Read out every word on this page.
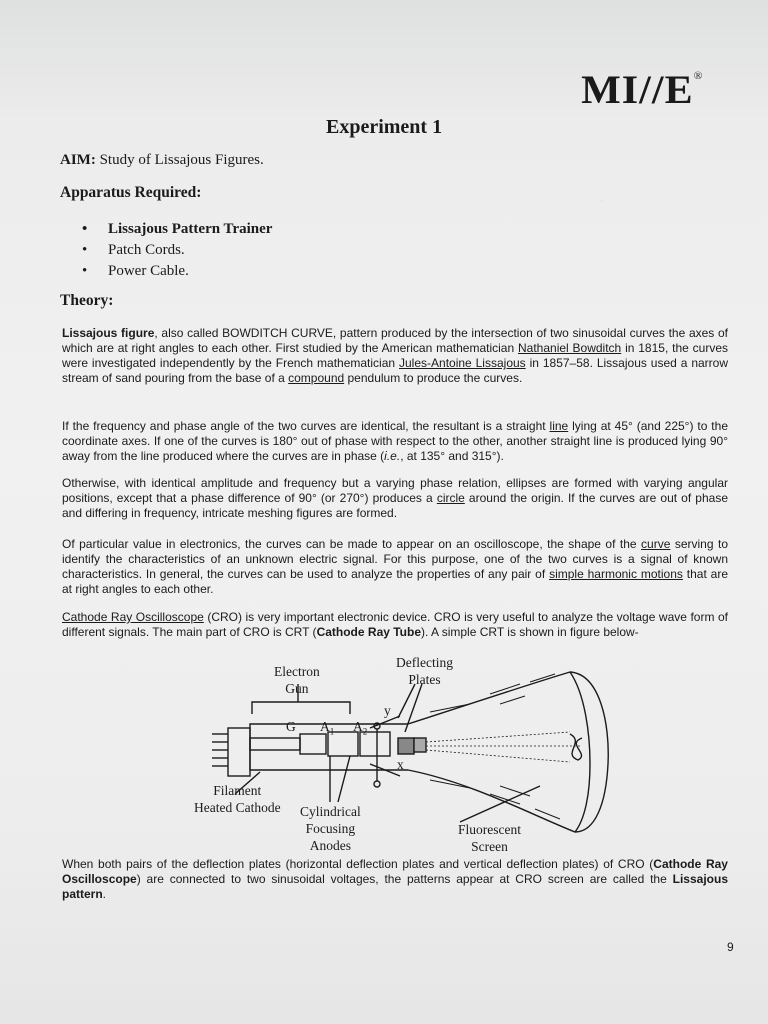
ˇ
MI//E®
Experiment 1
AIM: Study of Lissajous Figures.
Apparatus Required:
• Lissajous Pattern Trainer
• Patch Cords.
• Power Cable.
Theory:

Lissajous figure, also called BOWDITCH CURVE, pattern produced by the intersection of two sinusoidal curves the axes of which are at right angles to each other. First studied by the American mathematician Nathaniel Bowditch in 1815, the curves were investigated independently by the French mathematician Jules-Antoine Lissajous in 1857–58. Lissajous used a narrow stream of sand pouring from the base of a compound pendulum to produce the curves.

If the frequency and phase angle of the two curves are identical, the resultant is a straight line lying at 45° (and 225°) to the coordinate axes. If one of the curves is 180° out of phase with respect to the other, another straight line is produced lying 90° away from the line produced where the curves are in phase (i.e., at 135° and 315°).

Otherwise, with identical amplitude and frequency but a varying phase relation, ellipses are formed with varying angular positions, except that a phase difference of 90° (or 270°) produces a circle around the origin. If the curves are out of phase and differing in frequency, intricate meshing figures are formed.

Of particular value in electronics, the curves can be made to appear on an oscilloscope, the shape of the curve serving to identify the characteristics of an unknown electric signal. For this purpose, one of the two curves is a signal of known characteristics. In general, the curves can be used to analyze the properties of any pair of simple harmonic motions that are at right angles to each other.

Cathode Ray Oscilloscope (CRO) is very important electronic device. CRO is very useful to analyze the voltage wave form of different signals. The main part of CRO is CRT (Cathode Ray Tube). A simple CRT is shown in figure below-

Electron
Gun
Deflecting
Plates
G $A_1$ $A_2$
y
x
Filament
Heated Cathode Cylindrical
Focusing
Anodes
Fluorescent
Screen

When both pairs of the deflection plates (horizontal deflection plates and vertical deflection plates) of CRO (Cathode Ray Oscilloscope) are connected to two sinusoidal voltages, the patterns appear at CRO screen are called the Lissajous pattern.

9
